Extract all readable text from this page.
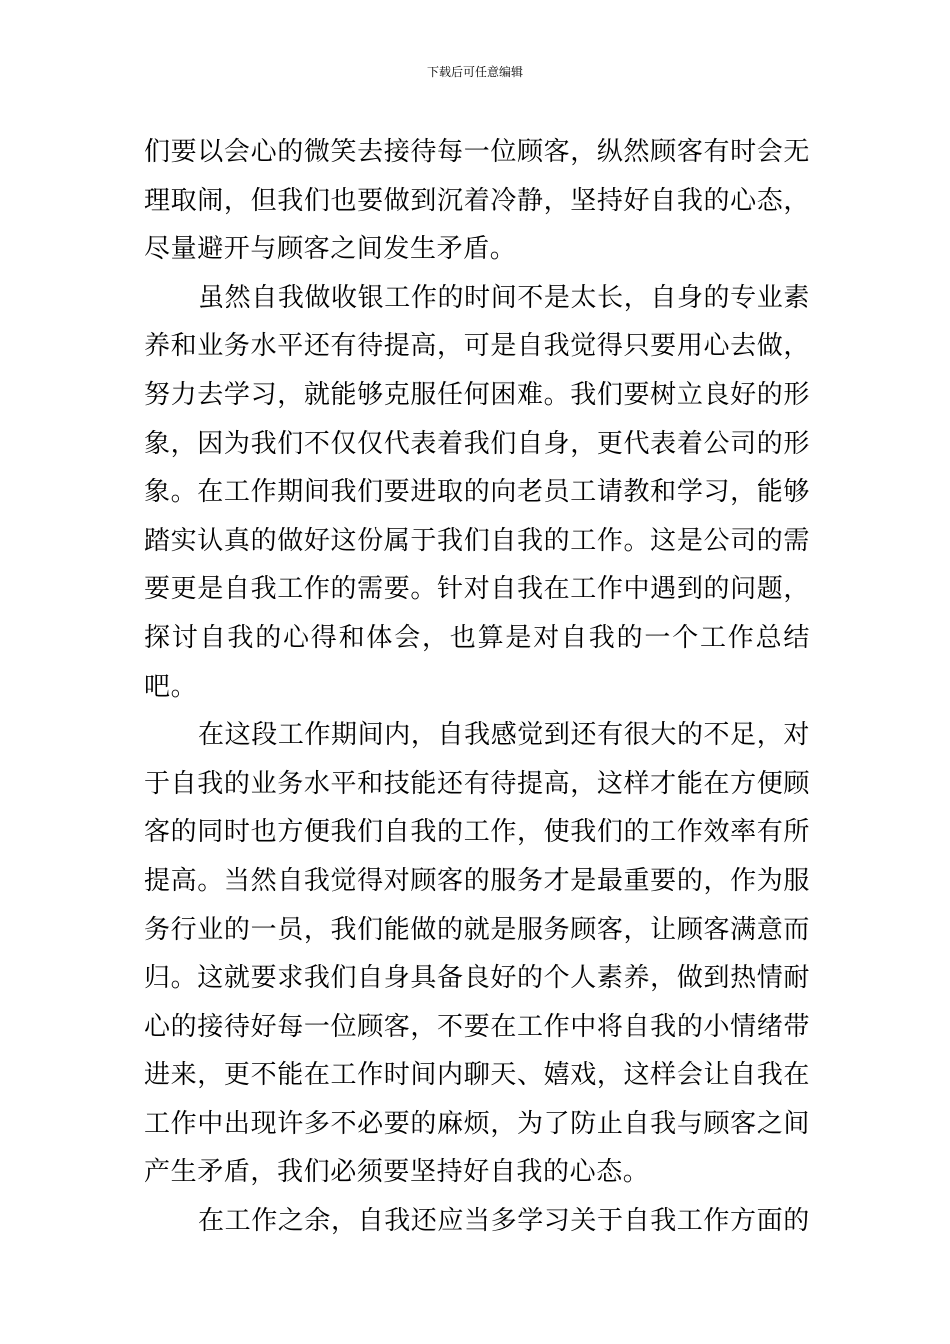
下载后可任意编辑

们要以会心的微笑去接待每一位顾客，纵然顾客有时会无理取闹，但我们也要做到沉着冷静，坚持好自我的心态，尽量避开与顾客之间发生矛盾。

虽然自我做收银工作的时间不是太长，自身的专业素养和业务水平还有待提高，可是自我觉得只要用心去做，努力去学习，就能够克服任何困难。我们要树立良好的形象，因为我们不仅仅代表着我们自身，更代表着公司的形象。在工作期间我们要进取的向老员工请教和学习，能够踏实认真的做好这份属于我们自我的工作。这是公司的需要更是自我工作的需要。针对自我在工作中遇到的问题，探讨自我的心得和体会，也算是对自我的一个工作总结吧。

在这段工作期间内，自我感觉到还有很大的不足，对于自我的业务水平和技能还有待提高，这样才能在方便顾客的同时也方便我们自我的工作，使我们的工作效率有所提高。当然自我觉得对顾客的服务才是最重要的，作为服务行业的一员，我们能做的就是服务顾客，让顾客满意而归。这就要求我们自身具备良好的个人素养，做到热情耐心的接待好每一位顾客，不要在工作中将自我的小情绪带进来，更不能在工作时间内聊天、嬉戏，这样会让自我在工作中出现许多不必要的麻烦，为了防止自我与顾客之间产生矛盾，我们必须要坚持好自我的心态。

在工作之余，自我还应当多学习关于自我工作方面的
